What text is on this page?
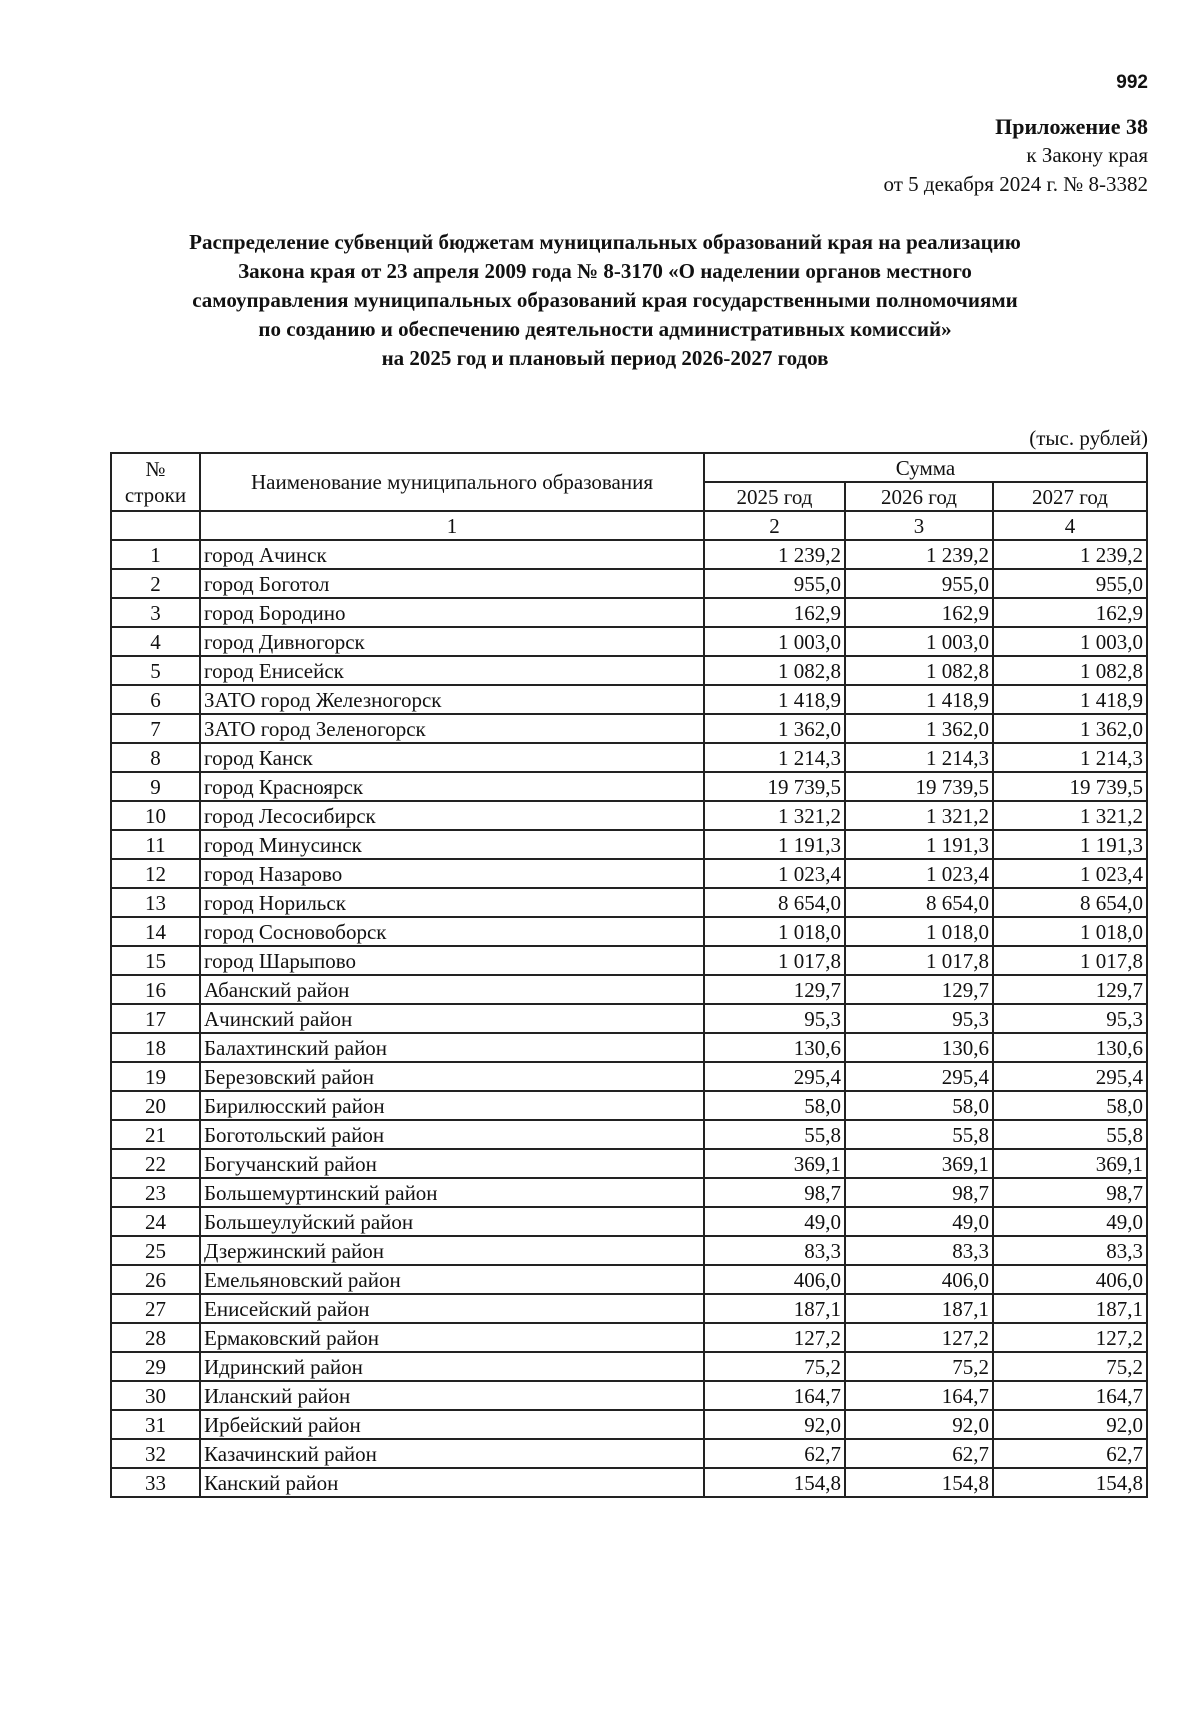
992
Приложение 38
к Закону края
от 5 декабря 2024 г. № 8-3382
Распределение субвенций бюджетам муниципальных образований края на реализацию
Закона края от 23 апреля 2009 года № 8-3170 «О наделении органов местного
самоуправления муниципальных образований края государственными полномочиями
по созданию и обеспечению деятельности административных комиссий»
на 2025 год и плановый период 2026-2027 годов
(тыс. рублей)
№
строки	Наименование муниципального образования	Сумма		
		2025 год	2026 год	2027 год
	1	2	3	4
1	город Ачинск	1 239,2	1 239,2	1 239,2
2	город Боготол	955,0	955,0	955,0
3	город Бородино	162,9	162,9	162,9
4	город Дивногорск	1 003,0	1 003,0	1 003,0
5	город Енисейск	1 082,8	1 082,8	1 082,8
6	ЗАТО город Железногорск	1 418,9	1 418,9	1 418,9
7	ЗАТО город Зеленогорск	1 362,0	1 362,0	1 362,0
8	город Канск	1 214,3	1 214,3	1 214,3
9	город Красноярск	19 739,5	19 739,5	19 739,5
10	город Лесосибирск	1 321,2	1 321,2	1 321,2
11	город Минусинск	1 191,3	1 191,3	1 191,3
12	город Назарово	1 023,4	1 023,4	1 023,4
13	город Норильск	8 654,0	8 654,0	8 654,0
14	город Сосновоборск	1 018,0	1 018,0	1 018,0
15	город Шарыпово	1 017,8	1 017,8	1 017,8
16	Абанский район	129,7	129,7	129,7
17	Ачинский район	95,3	95,3	95,3
18	Балахтинский район	130,6	130,6	130,6
19	Березовский район	295,4	295,4	295,4
20	Бирилюсский район	58,0	58,0	58,0
21	Боготольский район	55,8	55,8	55,8
22	Богучанский район	369,1	369,1	369,1
23	Большемуртинский район	98,7	98,7	98,7
24	Большеулуйский район	49,0	49,0	49,0
25	Дзержинский район	83,3	83,3	83,3
26	Емельяновский район	406,0	406,0	406,0
27	Енисейский район	187,1	187,1	187,1
28	Ермаковский район	127,2	127,2	127,2
29	Идринский район	75,2	75,2	75,2
30	Иланский район	164,7	164,7	164,7
31	Ирбейский район	92,0	92,0	92,0
32	Казачинский район	62,7	62,7	62,7
33	Канский район	154,8	154,8	154,8
